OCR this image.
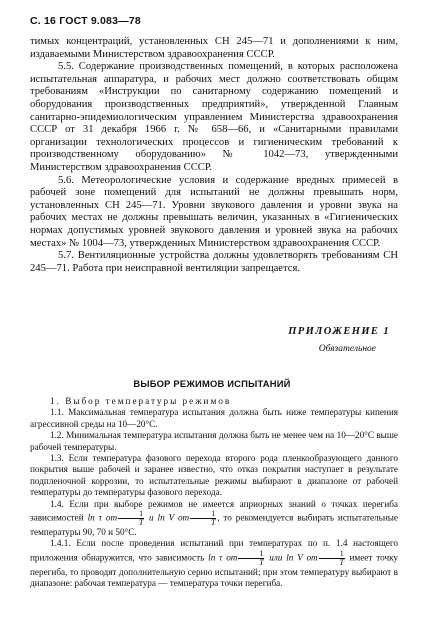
С. 16 ГОСТ 9.083—78

тимых концентраций, установленных СН 245—71 и дополнениями к ним, издаваемыми Министерством здравоохранения СССР.

5.5. Содержание производственных помещений, в которых расположена испытательная аппаратура, и рабочих мест должно соответствовать общим требованиям «Инструкции по санитарному содержанию помещений и оборудования производственных предприятий», утвержденной Главным санитарно-эпидемиологическим управлением Министерства здравоохранения СССР от 31 декабря 1966 г. № 658—66, и «Санитарными правилами организации технологических процессов и гигиеническим требований к производственному оборудованию» № 1042—73, утвержденными Министерством здравоохранения СССР.

5.6. Метеорологические условия и содержание вредных примесей в рабочей зоне помещений для испытаний не должны превышать норм, установленных СН 245—71. Уровни звукового давления и уровни звука на рабочих местах не должны превышать величин, указанных в «Гигиенических нормах допустимых уровней звукового давления и уровней звука на рабочих местах» № 1004—73, утвержденных Министерством здравоохранения СССР.

5.7. Вентиляционные устройства должны удовлетворять требованиям СН 245—71. Работа при неисправной вентиляции запрещается.

ПРИЛОЖЕНИЕ 1
Обязательное
ВЫБОР РЕЖИМОВ ИСПЫТАНИЙ

1. Выбор температуры режимов

1.1. Максимальная температура испытания должна быть ниже температуры кипения агрессивной среды на 10—20°С.

1.2. Минимальная температура испытания должна быть не менее чем на 10—20°С выше рабочей температуры.

1.3. Если температура фазового перехода второго рода пленкообразующего данного покрытия выше рабочей и заранее известно, что отказ покрытия наступает в результате подпленочной коррозии, то испытательные режимы выбирают в диапазоне от рабочей температуры до температуры фазового перехода.

1.4. Если при выборе режимов не имеется априорных знаний о точках перегиба зависимостей ln τ от $\frac{1}{T}$ и ln V от $\frac{1}{T}$ , то рекомендуется выбирать испытательные температуры 90, 70 и 50°С.

1.4.1. Если после проведения испытаний при температурах по п. 1.4 настоящего приложения обнаружится, что зависимость ln τ от $\frac{1}{T}$ или ln V от $\frac{1}{T}$ имеет точку перегиба, то проводят дополнительную серию испытаний; при этом температуру выбирают в диапазоне: рабочая температура — температура точки перегиба.
